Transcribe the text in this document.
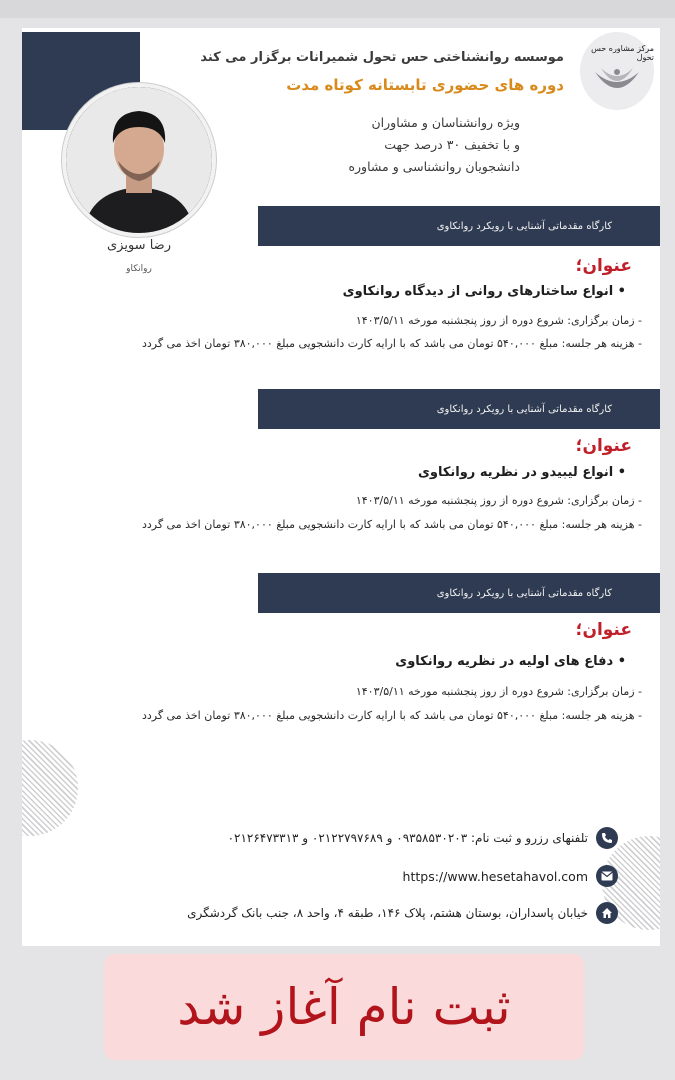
مرکز مشاوره حس تحول
موسسه روانشناختی حس تحول شمیرانات برگزار می کند
دوره های حضوری تابستانه کوتاه مدت
ویژه روانشناسان و مشاوران
و با تخفیف ۳۰ درصد جهت
دانشجویان روانشناسی و مشاوره
رضا سویزی
روانکاو
کارگاه مقدماتی آشنایی با رویکرد روانکاوی
عنوان؛
• انواع ساختارهای روانی از دیدگاه روانکاوی
- زمان برگزاری: شروع دوره از روز پنجشنبه مورخه ۱۴۰۳/۵/۱۱
- هزینه هر جلسه: مبلغ ۵۴۰,۰۰۰ تومان می باشد که با ارایه کارت دانشجویی مبلغ ۳۸۰,۰۰۰ تومان اخذ می گردد
کارگاه مقدماتی آشنایی با رویکرد روانکاوی
عنوان؛
• انواع لیبیدو در نظریه روانکاوی
- زمان برگزاری: شروع دوره از روز پنجشنبه مورخه ۱۴۰۳/۵/۱۱
- هزینه هر جلسه: مبلغ ۵۴۰,۰۰۰ تومان می باشد که با ارایه کارت دانشجویی مبلغ ۳۸۰,۰۰۰ تومان اخذ می گردد
کارگاه مقدماتی آشنایی با رویکرد روانکاوی
عنوان؛
• دفاع های اولیه در نظریه روانکاوی
- زمان برگزاری: شروع دوره از روز پنجشنبه مورخه ۱۴۰۳/۵/۱۱
- هزینه هر جلسه: مبلغ ۵۴۰,۰۰۰ تومان می باشد که با ارایه کارت دانشجویی مبلغ ۳۸۰,۰۰۰ تومان اخذ می گردد
تلفنهای رزرو و ثبت نام: ۰۹۳۵۸۵۳۰۲۰۳ و ۰۲۱۲۲۷۹۷۶۸۹ و ۰۲۱۲۶۴۷۳۳۱۳
https://www.hesetahavol.com
خیابان پاسداران، بوستان هشتم، پلاک ۱۴۶، طبقه ۴، واحد ۸، جنب بانک گردشگری
ثبت نام آغاز شد
